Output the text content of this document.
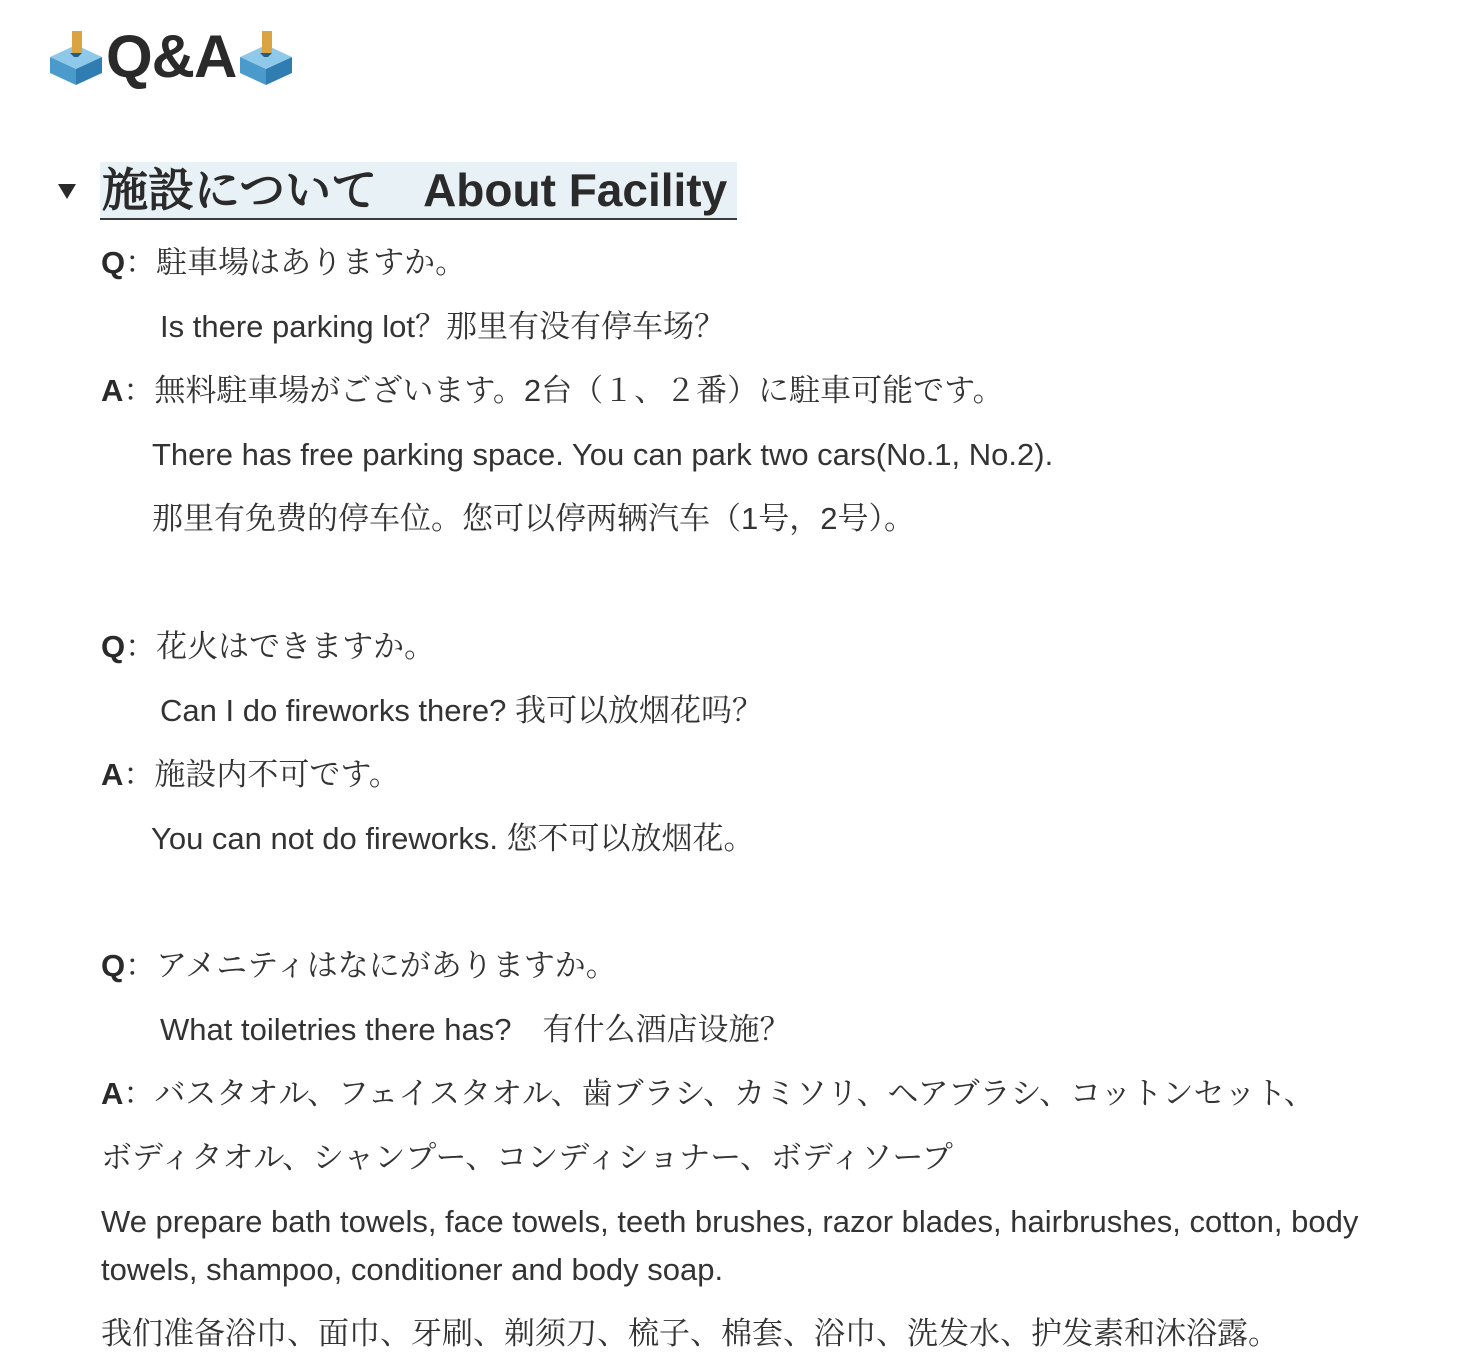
Q&A
施設について　About Facility
Q：駐車場はありますか。
Is there parking lot？那里有没有停车场？
A：無料駐車場がございます。2台（１、２番）に駐車可能です。
There has free parking space. You can park two cars(No.1, No.2).
那里有免费的停车位。您可以停两辆汽车（1号，2号）。
Q：花火はできますか。
Can I do fireworks there? 我可以放烟花吗？
A：施設内不可です。
You can not do fireworks. 您不可以放烟花。
Q：アメニティはなにがありますか。
What toiletries there has?　有什么酒店设施？
A：バスタオル、フェイスタオル、歯ブラシ、カミソリ、ヘアブラシ、コットンセット、
ボディタオル、シャンプー、コンディショナー、ボディソープ
We prepare bath towels, face towels, teeth brushes, razor blades, hairbrushes, cotton, body towels, shampoo, conditioner and body soap.
我们准备浴巾、面巾、牙刷、剃须刀、梳子、棉套、浴巾、洗发水、护发素和沐浴露。
